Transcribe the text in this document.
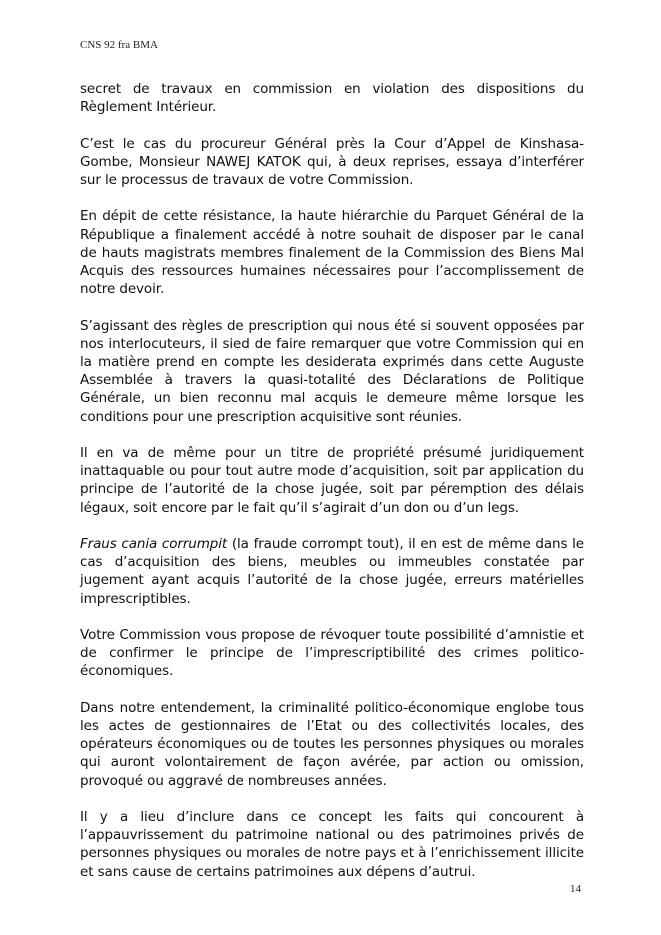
CNS 92 fra BMA

secret de travaux en commission en violation des dispositions du Règlement Intérieur.

C’est le cas du procureur Général près la Cour d’Appel de Kinshasa-Gombe, Monsieur NAWEJ KATOK qui, à deux reprises, essaya d’interférer sur le processus de travaux de votre Commission.

En dépit de cette résistance, la haute hiérarchie du Parquet Général de la République a finalement accédé à notre souhait de disposer par le canal de hauts magistrats membres finalement de la Commission des Biens Mal Acquis des ressources humaines nécessaires pour l’accomplissement de notre devoir.

S’agissant des règles de prescription qui nous été si souvent opposées par nos interlocuteurs, il sied de faire remarquer que votre Commission qui en la matière prend en compte les desiderata exprimés dans cette Auguste Assemblée à travers la quasi-totalité des Déclarations de Politique Générale, un bien reconnu mal acquis le demeure même lorsque les conditions pour une prescription acquisitive sont réunies.

Il en va de même pour un titre de propriété présumé juridiquement inattaquable ou pour tout autre mode d’acquisition, soit par application du principe de l’autorité de la chose jugée, soit par péremption des délais légaux, soit encore par le fait qu’il s’agirait d’un don ou d’un legs.

Fraus cania corrumpit (la fraude corrompt tout), il en est de même dans le cas d’acquisition des biens, meubles ou immeubles constatée par jugement ayant acquis l’autorité de la chose jugée, erreurs matérielles imprescriptibles.

Votre Commission vous propose de révoquer toute possibilité d’amnistie et de confirmer le principe de l’imprescriptibilité des crimes politico-économiques.

Dans notre entendement, la criminalité politico-économique englobe tous les actes de gestionnaires de l’Etat ou des collectivités locales, des opérateurs économiques ou de toutes les personnes physiques ou morales qui auront volontairement de façon avérée, par action ou omission, provoqué ou aggravé de nombreuses années.

Il y a lieu d’inclure dans ce concept les faits qui concourent à l’appauvrissement du patrimoine national ou des patrimoines privés de personnes physiques ou morales de notre pays et à l’enrichissement illicite et sans cause de certains patrimoines aux dépens d’autrui.

14
